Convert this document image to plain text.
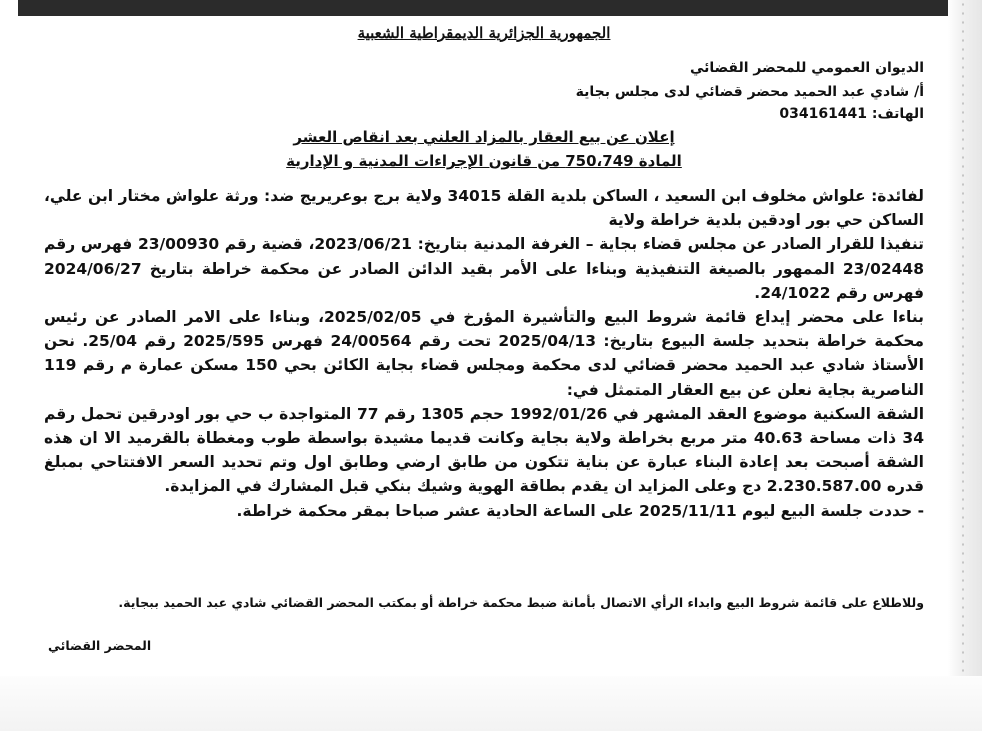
الجمهورية الجزائرية الديمقراطية الشعبية
الديوان العمومي للمحضر القضائي
أ/ شادي عبد الحميد محضر قضائي لدى مجلس بجاية
الهاتف: 034161441
إعلان عن بيع العقار بالمزاد العلني بعد انقاص العشر
المادة 750،749 من قانون الإجراءات المدنية و الإدارية

لفائدة: علواش مخلوف ابن السعيد ، الساكن بلدية القلة 34015 ولاية برج بوعريريج ضد: ورثة علواش مختار ابن علي، الساكن حي بور اودقين بلدية خراطة ولاية

تنفيذا للقرار الصادر عن مجلس قضاء بجاية – الغرفة المدنية بتاريخ: 2023/06/21، قضية رقم 23/00930 فهرس رقم 23/02448 الممهور بالصيغة التنفيذية وبناءا على الأمر بقيد الدائن الصادر عن محكمة خراطة بتاريخ 2024/06/27 فهرس رقم 24/1022.

بناءا على محضر إيداع قائمة شروط البيع والتأشيرة المؤرخ في 2025/02/05، وبناءا على الامر الصادر عن رئيس محكمة خراطة بتحديد جلسة البيوع بتاريخ: 2025/04/13 تحت رقم 24/00564 فهرس 2025/595 رقم 25/04. نحن الأستاذ شادي عبد الحميد محضر قضائي لدى محكمة ومجلس قضاء بجاية الكائن بحي 150 مسكن عمارة م رقم 119 الناصرية بجاية نعلن عن بيع العقار المتمثل في:

الشقة السكنية موضوع العقد المشهر في 1992/01/26 حجم 1305 رقم 77 المتواجدة ب حي بور اودرقين تحمل رقم 34 ذات مساحة 40.63 متر مربع بخراطة ولاية بجاية وكانت قديما مشيدة بواسطة طوب ومغطاة بالقرميد الا ان هذه الشقة أصبحت بعد إعادة البناء عبارة عن بناية تتكون من طابق ارضي وطابق اول وتم تحديد السعر الافتتاحي بمبلغ قدره 2.230.587.00 دج وعلى المزايد ان يقدم بطاقة الهوية وشيك بنكي قبل المشارك في المزايدة.

- حددت جلسة البيع ليوم 2025/11/11 على الساعة الحادية عشر صباحا بمقر محكمة خراطة.

وللاطلاع على قائمة شروط البيع وابداء الرأي الاتصال بأمانة ضبط محكمة خراطة أو بمكتب المحضر القضائي شادي عبد الحميد ببجاية.
المحضر القضائي
